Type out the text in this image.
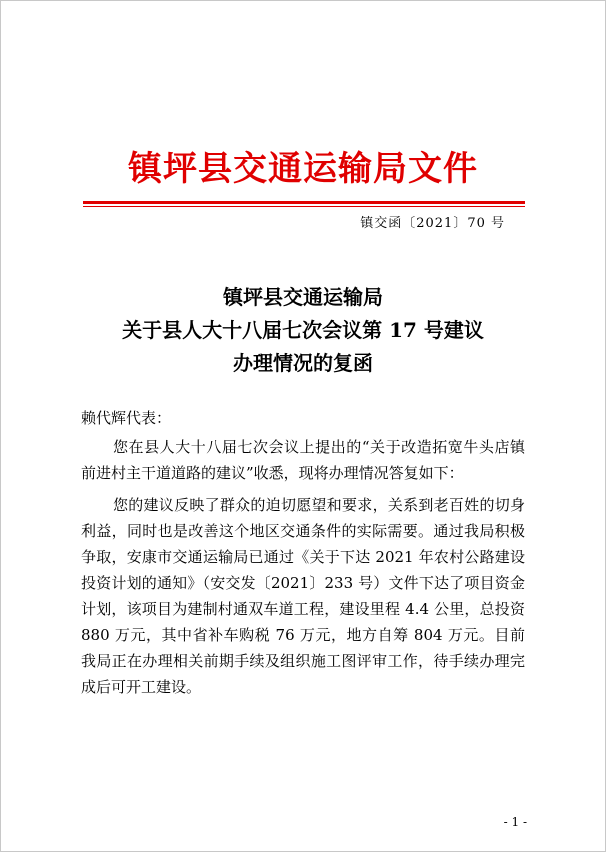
镇坪县交通运输局文件
镇交函〔2021〕70 号
镇坪县交通运输局
关于县人大十八届七次会议第 17 号建议
办理情况的复函
赖代辉代表：

您在县人大十八届七次会议上提出的“关于改造拓宽牛头店镇前进村主干道道路的建议”收悉，现将办理情况答复如下：

您的建议反映了群众的迫切愿望和要求，关系到老百姓的切身利益，同时也是改善这个地区交通条件的实际需要。通过我局积极争取，安康市交通运输局已通过《关于下达 2021 年农村公路建设投资计划的通知》（安交发〔2021〕233 号）文件下达了项目资金计划，该项目为建制村通双车道工程，建设里程 4.4 公里，总投资 880 万元，其中省补车购税 76 万元，地方自筹 804 万元。目前我局正在办理相关前期手续及组织施工图评审工作，待手续办理完成后可开工建设。

- 1 -
